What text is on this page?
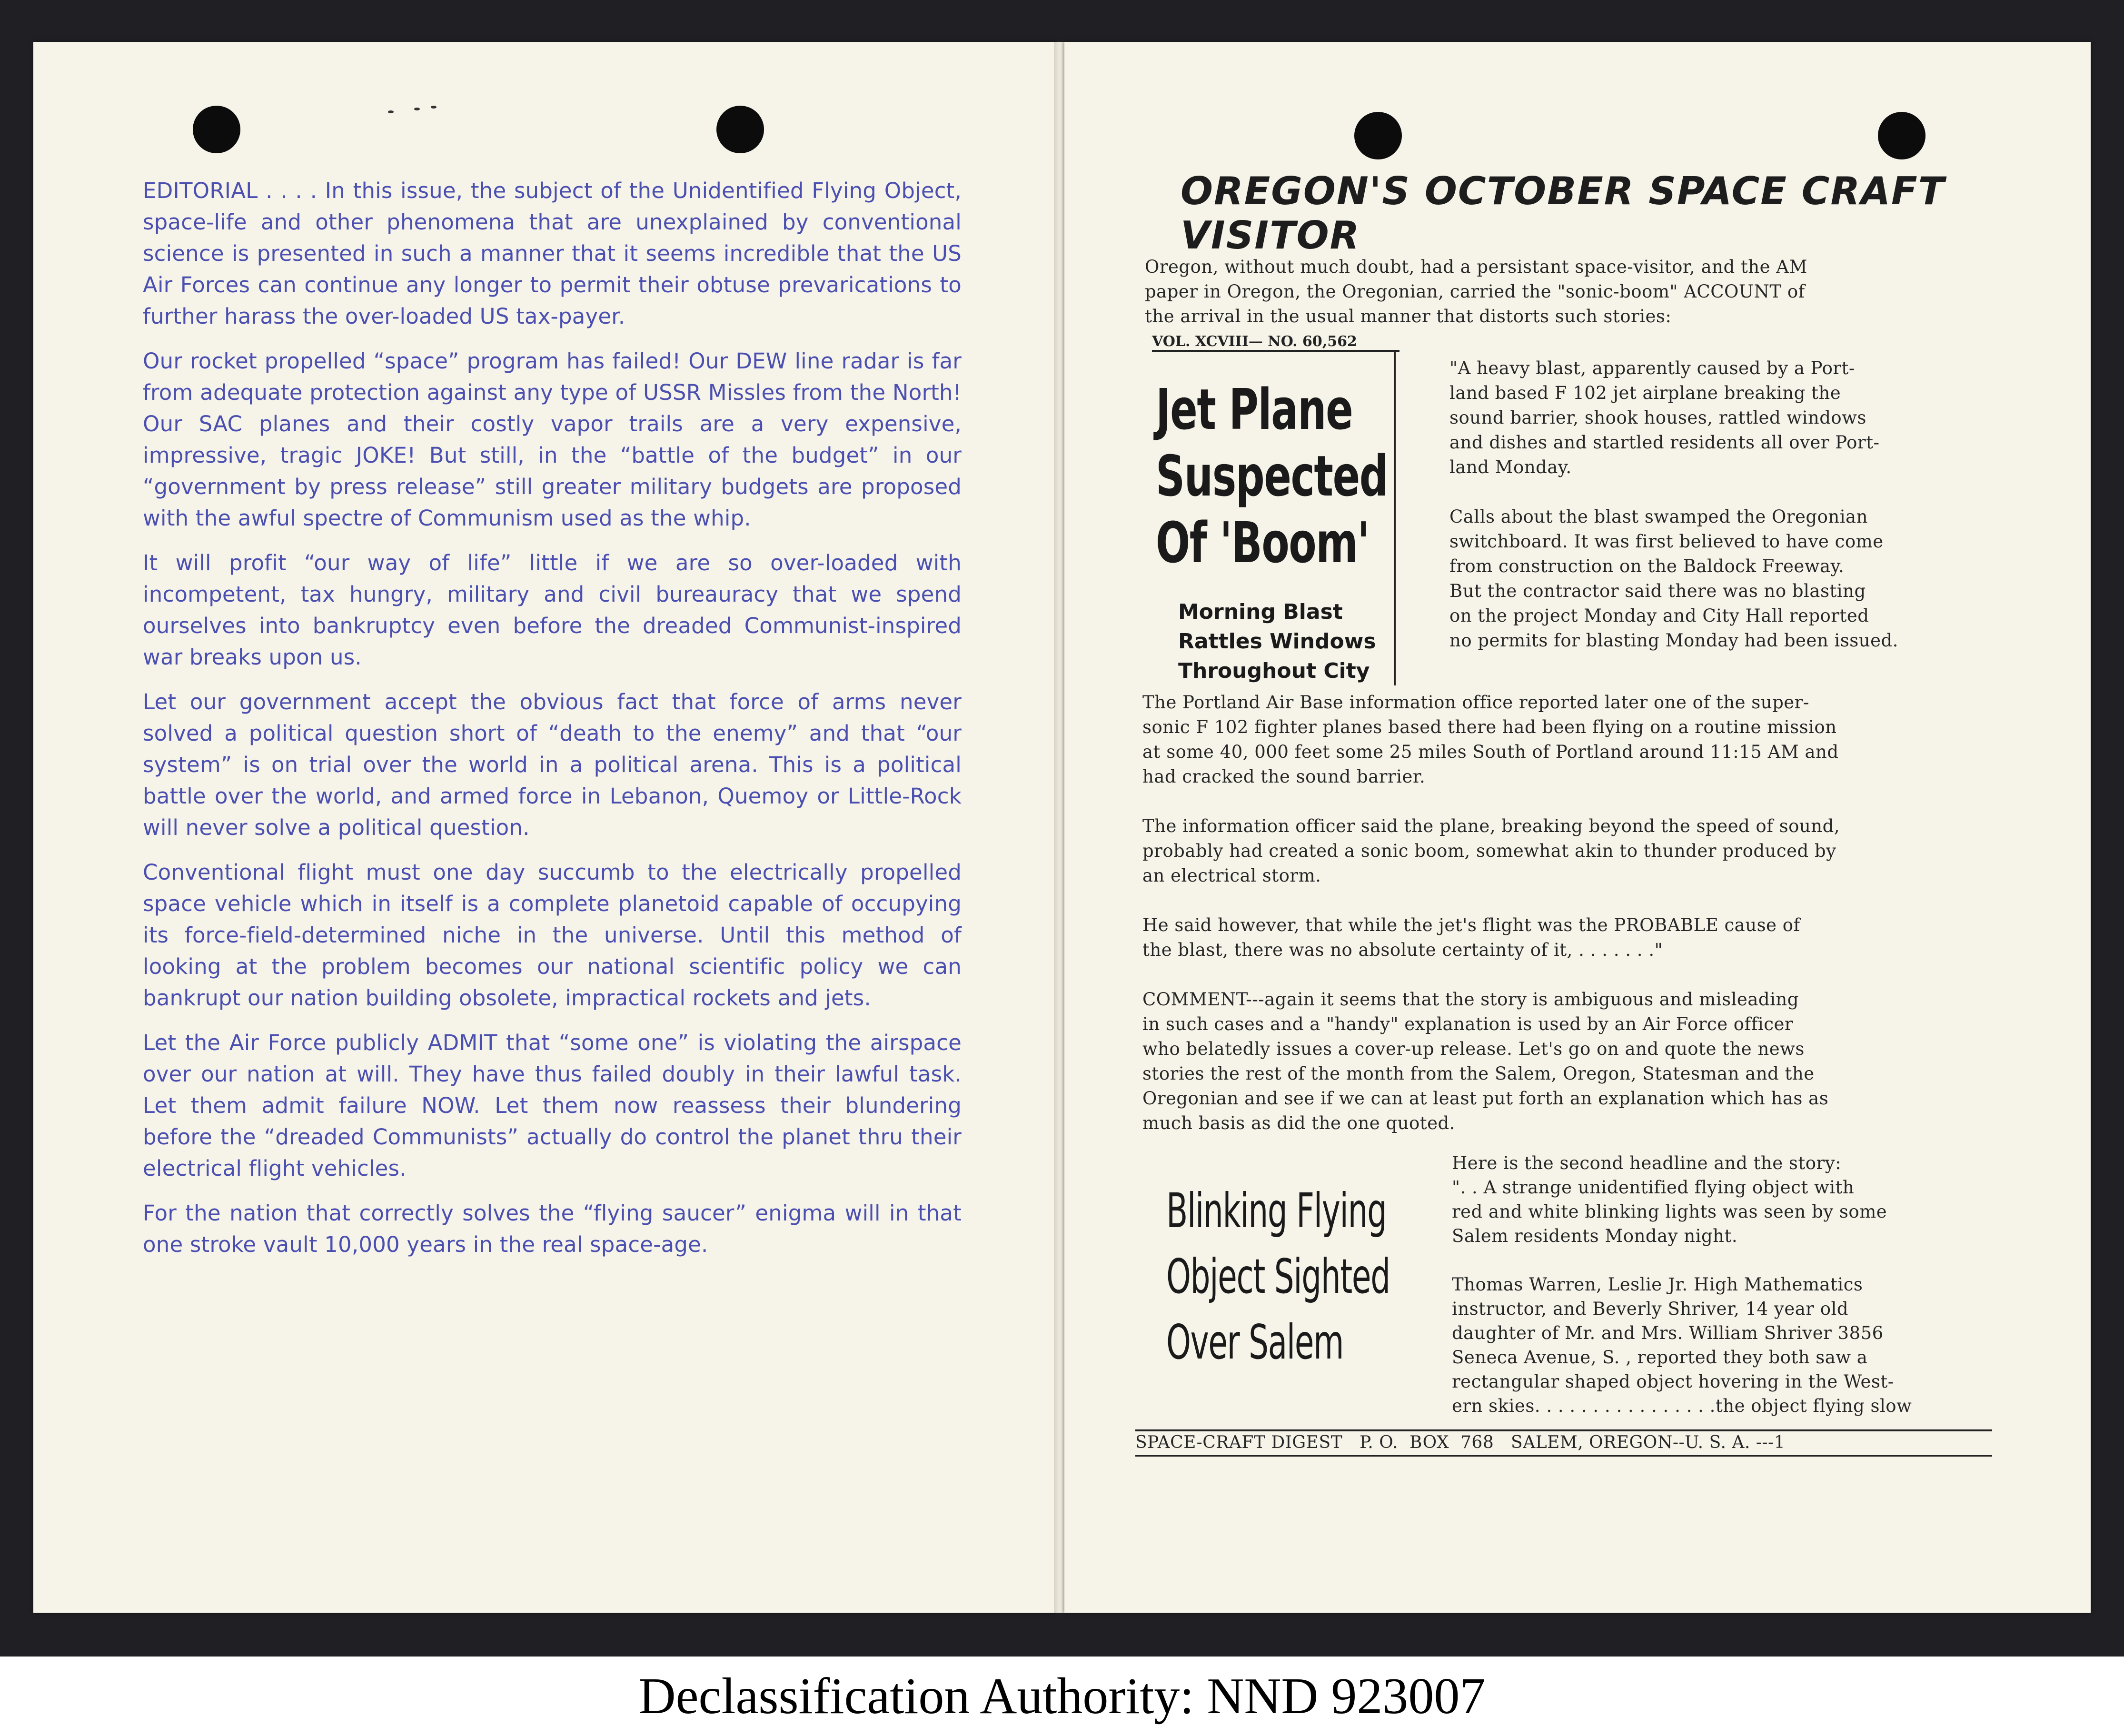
EDITORIAL . . . . In this issue, the subject of the Unidentified Flying Object, space-life and other phenomena that are unexplained by conventional science is presented in such a manner that it seems incredible that the US Air Forces can continue any longer to permit their obtuse prevarications to further harass the over-loaded US tax-payer.

Our rocket propelled “space” program has failed! Our DEW line radar is far from adequate protection against any type of USSR Missles from the North! Our SAC planes and their costly vapor trails are a very expensive, impressive, tragic JOKE! But still, in the “battle of the budget” in our “government by press release” still greater military budgets are proposed with the awful spectre of Communism used as the whip.

It will profit “our way of life” little if we are so over-loaded with incompetent, tax hungry, military and civil bureauracy that we spend ourselves into bankruptcy even before the dreaded Communist-inspired war breaks upon us.

Let our government accept the obvious fact that force of arms never solved a political question short of “death to the enemy” and that “our system” is on trial over the world in a political arena. This is a political battle over the world, and armed force in Lebanon, Quemoy or Little-Rock will never solve a political question.

Conventional flight must one day succumb to the electrically propelled space vehicle which in itself is a complete planetoid capable of occupying its force-field-determined niche in the universe. Until this method of looking at the problem becomes our national scientific policy we can bankrupt our nation building obsolete, impractical rockets and jets.

Let the Air Force publicly ADMIT that “some one” is violating the airspace over our nation at will. They have thus failed doubly in their lawful task. Let them admit failure NOW. Let them now reassess their blundering before the “dreaded Communists” actually do control the planet thru their electrical flight vehicles.

For the nation that correctly solves the “flying saucer” enigma will in that one stroke vault 10,000 years in the real space-age.

OREGON'S OCTOBER SPACE CRAFT VISITOR
Oregon, without much doubt, had a persistant space-visitor, and the AM
paper in Oregon, the Oregonian, carried the "sonic-boom" ACCOUNT of
the arrival in the usual manner that distorts such stories:
VOL. XCVIII— NO. 60,562
Jet Plane
Suspected
Of 'Boom'
Morning Blast
Rattles Windows
Throughout City
"A heavy blast, apparently caused by a Port-
land based F 102 jet airplane breaking the
sound barrier, shook houses, rattled windows
and dishes and startled residents all over Port-
land Monday.
Calls about the blast swamped the Oregonian
switchboard. It was first believed to have come
from construction on the Baldock Freeway.
But the contractor said there was no blasting
on the project Monday and City Hall reported
no permits for blasting Monday had been issued.
The Portland Air Base information office reported later one of the super-
sonic F 102 fighter planes based there had been flying on a routine mission
at some 40, 000 feet some 25 miles South of Portland around 11:15 AM and
had cracked the sound barrier.
The information officer said the plane, breaking beyond the speed of sound,
probably had created a sonic boom, somewhat akin to thunder produced by
an electrical storm.
He said however, that while the jet's flight was the PROBABLE cause of
the blast, there was no absolute certainty of it, . . . . . . ."
COMMENT---again it seems that the story is ambiguous and misleading
in such cases and a "handy" explanation is used by an Air Force officer
who belatedly issues a cover-up release. Let's go on and quote the news
stories the rest of the month from the Salem, Oregon, Statesman and the
Oregonian and see if we can at least put forth an explanation which has as
much basis as did the one quoted.
Blinking Flying
Object Sighted
Over Salem
Here is the second headline and the story:
". . A strange unidentified flying object with
red and white blinking lights was seen by some
Salem residents Monday night.
Thomas Warren, Leslie Jr. High Mathematics
instructor, and Beverly Shriver, 14 year old
daughter of Mr. and Mrs. William Shriver 3856
Seneca Avenue, S. , reported they both saw a
rectangular shaped object hovering in the West-
ern skies. . . . . . . . . . . . . . . .the object flying slow
SPACE-CRAFT DIGEST   P. O.  BOX  768   SALEM, OREGON--U. S. A. ---1
Declassification Authority: NND 923007
